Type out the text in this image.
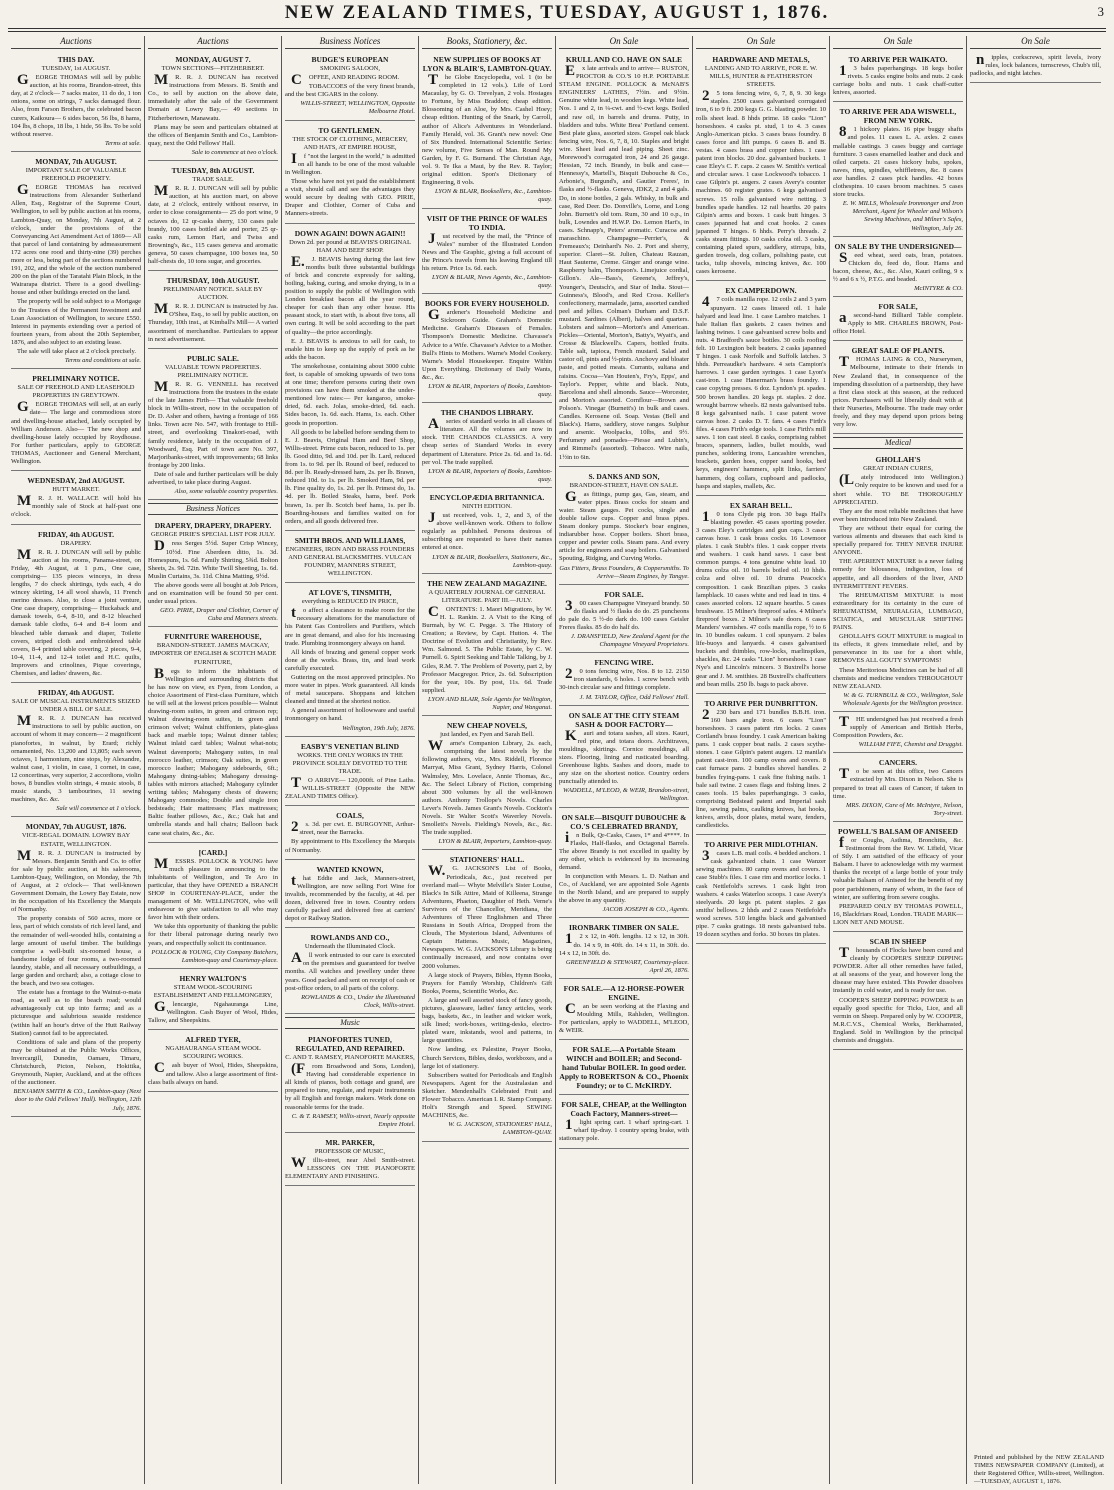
NEW ZEALAND TIMES, TUESDAY, AUGUST 1, 1876.	3
Auctions
THIS DAY.
TUESDAY, 1st AUGUST.

GEORGE THOMAS will sell by public auction, at his rooms, Brandon-street, this day, at 2 o'clock— 7 sacks maize, 11 do do, 1 ton onions, some on strings, 7 sacks damaged flour. Also, from Farson Brothers, the celebrated bacon curers, Kaikoura— 6 sides bacon, 56 lbs, 8 hams, 104 lbs, 8 chops, 18 lbs, 1 hide, 56 lbs. To be sold without reserve.

Terms at sale.
MONDAY, 7th AUGUST.
IMPORTANT SALE OF VALUABLE FREEHOLD PROPERTY.

GEORGE THOMAS has received instructions from Alexander Sutherland Allen, Esq., Registrar of the Supreme Court, Wellington, to sell by public auction at his rooms, Lambton-Quay, on Monday, 7th August, at 2 o'clock, under the provisions of the Conveyancing Act Amendment Act of 1869— All that parcel of land containing by admeasurement 172 acres one rood and thirty-nine (39) perches more or less, being part of the sections numbered 191, 202, and the whole of the section numbered 200 on the plan of the Taratahi Plain Block, in the Wairarapa district. There is a good dwelling-house and other buildings erected on the land.

The property will be sold subject to a Mortgage to the Trustees of the Permanent Investment and Loan Association of Wellington, to secure £550. Interest in payments extending over a period of fourteen years, from about the 20th September, 1876, and also subject to an existing lease.

The sale will take place at 2 o'clock precisely.

Terms and conditions at sale.
PRELIMINARY NOTICE.
SALE OF FREEHOLD AND LEASEHOLD PROPERTIES IN GREYTOWN.

GEORGE THOMAS will sell, at an early date— The large and commodious store and dwelling-house attached, lately occupied by William Anderson. Also— The new shop and dwelling-house lately occupied by Roydhouse. For further particulars, apply to GEORGE THOMAS, Auctioneer and General Merchant, Wellington.

WEDNESDAY, 2nd AUGUST.
HUTT MARKET.

MR. J. H. WALLACE will hold his monthly sale of Stock at half-past one o'clock.

FRIDAY, 4th AUGUST.
DRAPERY.

MR. R. J. DUNCAN will sell by public auction at his rooms, Panama-street, on Friday, 4th August, at 1 p.m., One case, comprising— 135 pieces winceys, in dress lengths, 7 do check shirtings, tyds each, 4 do wincey skirting, 14 all wool shawls, 11 French merino dresses. Also, to close a joint venture, One case drapery, comprising— Huckaback and damask towels, 6-4, 8-10, and 8-12 bleached damask table cloths, 6-4 and 8-4 loom and bleached table damask and diaper, Toilette covers, striped cloth and embroidered table covers, 8-4 printed table covering, 2 pieces, 9-4, 10-4, 11-4, and 12-4 toilet and H.C. quilts, Improvers and crinolines, Pique coverings, Chemises, and ladies' drawers, &c.

FRIDAY, 4th AUGUST.
SALE OF MUSICAL INSTRUMENTS SEIZED UNDER A BILL OF SALE.

MR. R. J. DUNCAN has received instructions to sell by public auction, on account of whom it may concern— 2 magnificent pianofortes, in walnut, by Erard; richly ornamented, No. 13,200 and 13,805; each seven octaves, 1 harmonium, nine stops, by Alexandre, walnut case, 1 violin, in case, 1 cornet, in case, 12 concertinas, very superior, 2 accordions, violin bows, 8 bundles violin strings, 4 music stools, 8 music stands, 3 tambourines, 11 sewing machines, &c. &c.

Sale will commence at 1 o'clock.
MONDAY, 7th AUGUST, 1876.
VICE-REGAL DOMAIN. LOWRY BAY ESTATE, WELLINGTON.

MR. R. J. DUNCAN is instructed by Messrs. Benjamin Smith and Co. to offer for sale by public auction, at his salerooms, Lambton-Quay, Wellington, on Monday, the 7th of August, at 2 o'clock— That well-known Government Domain, the Lowry Bay Estate, now in the occupation of his Excellency the Marquis of Normanby.

The property consists of 560 acres, more or less, part of which consists of rich level land, and the remainder of well-wooded hills, containing a large amount of useful timber. The buildings comprise a well-built six-roomed house, a handsome lodge of four rooms, a two-roomed laundry, stable, and all necessary outbuildings, a large garden and orchard; also, a cottage close to the beach, and two sea cottages.

The estate has a frontage to the Wainui-o-mata road, as well as to the beach road; would advantageously cut up into farms; and as a picturesque and salubrious seaside residence (within half an hour's drive of the Hutt Railway Station) cannot fail to be appreciated.

Conditions of sale and plans of the property may be obtained at the Public Works Offices, Invercargill, Dunedin, Oamaru, Timaru, Christchurch, Picton, Nelson, Hokitika, Greymouth, Napier, Auckland, and at the offices of the auctioneer.

BENJAMIN SMITH & CO., Lambton-quay (Next door to the Odd Fellows' Hall). Wellington, 12th July, 1876.
Auctions
MONDAY, AUGUST 7.
TOWN SECTIONS—FITZHERBERT.

MR. R. J. DUNCAN has received instructions from Messrs. B. Smith and Co., to sell by auction on the above date, immediately after the sale of the Government Domain at Lowry Bay,— 49 sections in Fitzherbertown, Manawatu.

Plans may be seen and particulars obtained at the offices of Benjamin Smith and Co., Lambton-quay, next the Odd Fellows' Hall.

Sale to commence at two o'clock.
TUESDAY, 8th AUGUST.
TRADE SALE.

MR. R. J. DUNCAN will sell by public auction, at his auction mart, on above date, at 2 o'clock, entirely without reserve, in order to close consignments— 25 do port wine, 9 octaves do, 12 qr-casks sherry, 130 cases pale brandy, 100 cases bottled ale and porter, 25 qr-casks rum, Lemon Hart, and Twiss and Browning's, &c., 115 cases geneva and aromatic geneva, 50 cases champagne, 100 boxes tea, 50 half-chests do, 10 tons sugar, and groceries.

THURSDAY, 10th AUGUST.
PRELIMINARY NOTICE. SALE BY AUCTION.

MR. R. J. DUNCAN is instructed by Jas. O'Shea, Esq., to sell by public auction, on Thursday, 10th inst., at Kimball's Mill— A varied assortment of merchandise. Particulars to appear in next advertisement.

PUBLIC SALE.
VALUABLE TOWN PROPERTIES. PRELIMINARY NOTICE.

MR. R. G. VENNELL has received instructions from the trustees in the estate of the late James Firth— That valuable freehold block in Willis-street, now in the occupation of Dr. D. Asher and others, having a frontage of 166 links. Town acre No. 547, with frontage to Hill-street, and overlooking Tinakori-road, with family residence, lately in the occupation of J. Woodward, Esq. Part of town acre No. 397, Marjoribanks-street, with improvements; 68 links frontage by 200 links.

Date of sale and further particulars will be duly advertised, to take place during August.

Also, some valuable country properties.
Business Notices
DRAPERY, DRAPERY, DRAPERY.
GEORGE PIRIE'S SPECIAL LIST FOR JULY.

Dress Serges 5½d. Super Crisp Wincey, 10½d. Fine Aberdeen ditto, 1s. 3d. Homespuns, 1s. 6d. Family Shirting, 5¾d. Bolton Sheets, 2s. 9d. 72in. White Twill Sheeting, 1s. 6d. Muslin Curtains, 3s. 11d. China Matting, 9½d.

The above goods were all bought at Job Prices, and on examination will be found 50 per cent. under usual prices.

GEO. PIRIE, Draper and Clothier, Corner of Cuba and Manners streets.
FURNITURE WAREHOUSE,
BRANDON-STREET. JAMES MACKAY, IMPORTER OF ENGLISH & SCOTCH MADE FURNITURE,

Begs to inform the inhabitants of Wellington and surrounding districts that he has now on view, ex Fyen, from London, a choice Assortment of First-class Furniture, which he will sell at the lowest prices possible— Walnut drawing-room suites, in green and crimson rep; Walnut drawing-room suites, in green and crimson velvet; Walnut chiffoniers, plate-glass back and marble tops; Walnut dinner tables; Walnut inlaid card tables; Walnut what-nots; Walnut davenports; Mahogany suites, in real morocco leather, crimson; Oak suites, in green morocco leather; Mahogany sideboards, 6ft.; Mahogany dining-tables; Mahogany dressing-tables with mirrors attached; Mahogany cylinder writing tables; Mahogany chests of drawers; Mahogany commodes; Double and single iron bedsteads; Hair mattresses; Flax mattresses; Baltic feather pillows, &c., &c.; Oak hat and umbrella stands and hall chairs; Balloon back cane seat chairs, &c., &c.

[CARD.]

MESSRS. POLLOCK & YOUNG have much pleasure in announcing to the inhabitants of Wellington, and Te Aro in particular, that they have OPENED a BRANCH SHOP in COURTENAY-PLACE, under the management of Mr. WELLINGTON, who will endeavour to give satisfaction to all who may favor him with their orders.

We take this opportunity of thanking the public for their liberal patronage during nearly two years, and respectfully solicit its continuance.

POLLOCK & YOUNG, City Company Butchers, Lambton-quay and Courtenay-place.
HENRY WALTON'S
STEAM WOOL-SCOURING ESTABLISHMENT AND FELLMONGERY,

Glencargie, Ngahauranga Line, Wellington. Cash Buyer of Wool, Hides, Tallow, and Sheepskins.

ALFRED TYER,
NGAHAURANGA STEAM WOOL SCOURING WORKS.

Cash buyer of Wool, Hides, Sheepskins, and tallow. Also a large assortment of first-class bails always on hand.

Business Notices
BUDGE'S EUROPEAN
SMOKING SALOON,

COFFEE, AND READING ROOM.

TOBACCOES of the very finest brands, and the best CIGARS in the colony.

WILLIS-STREET, WELLINGTON, Opposite Melbourne Hotel.
TO GENTLEMEN.
THE STOCK OF CLOTHING, MERCERY, AND HATS, AT EMPIRE HOUSE,

If "not the largest in the world," is admitted on all hands to be one of the most valuable in Wellington.

Those who have not yet paid the establishment a visit, should call and see the advantages they would secure by dealing with GEO. PIRIE, Draper and Clothier, Corner of Cuba and Manners-streets.

DOWN AGAIN! DOWN AGAIN!!
Down 2d. per pound at BEAVIS'S ORIGINAL HAM AND BEEF SHOP.

E.J. BEAVIS having during the last few months built three substantial buildings of brick and concrete expressly for salting, boiling, baking, curing, and smoke drying, is in a position to supply the public of Wellington with London breakfast bacon all the year round, cheaper for cash than any other house. His peasant stock, to start with, is about five tons, all own curing. It will be sold according to the part of quality—the price accordingly.

E. J. BEAVIS is anxious to sell for cash, to enable him to keep up the supply of pork as he adds the bacon.

The smokehouse, containing about 3000 cubic feet, is capable of smoking upwards of two tons at one time; therefore persons curing their own provisions can have them smoked at the under-mentioned low rates:— Per kangaroo, smoke-dried, 6d. each. Jolas, smoke-dried, 6d. each. Sides bacon, 1s. 6d. each. Hams, 1s. each. Other goods in proportion.

All goods to be labelled before sending them to E. J. Beavis, Original Ham and Beef Shop, Willis-street. Prime cuts bacon, reduced to 1s. per lb. Good ditto, 9d. and 10d. per lb. Lard, reduced from 1s. to 9d. per lb. Round of beef, reduced to 8d. per lb. Ready-dressed ham, 2s. per lb. Brawn, reduced 10d. to 1s. per lb. Smoked Ham, 9d. per lb. Fine quality do, 1s. 2d. per lb. Primest do, 1s. 4d. per lb. Boiled Steaks, hams, beef. Pork brawn, 1s. per lb. Scotch beef hams, 1s. per lb. Boarding-houses and families waited on for orders, and all goods delivered free.

SMITH BROS. AND WILLIAMS,
ENGINEERS, IRON AND BRASS FOUNDERS AND GENERAL BLACKSMITHS. VULCAN FOUNDRY, MANNERS STREET, WELLINGTON.
AT LOVE'S, TINSMITH,
everything is REDUCED IN PRICE,

to affect a clearance to make room for the necessary alterations for the manufacture of his Patent Gas Controllers and Purifiers, which are in great demand, and also for his increasing trade. Plumbing ironmongery always on hand.

All kinds of brazing and general copper work done at the works. Brass, tin, and lead work carefully executed.

Guttering on the most approved principles. No more water in pipes. Work guaranteed. All kinds of metal saucepans. Shoppans and kitchen cleaned and tinned at the shortest notice.

A general assortment of hollowware and useful ironmongery on hand.

Wellington, 19th July, 1876.
EASBY'S VENETIAN BLIND
WORKS. THE ONLY WORKS IN THE PROVINCE SOLELY DEVOTED TO THE TRADE.

TO ARRIVE— 120,000ft. of Pine Laths. WILLIS-STREET (Opposite the NEW ZEALAND TIMES Office).

COALS,

2s. 3d. per cwt. E. BURGOYNE, Arthur-street, near the Barracks.

By appointment to His Excellency the Marquis of Normanby.

WANTED KNOWN,

that Eddie and Jack, Manners-street, Wellington, are now selling Fort Wine for invalids, recommended by the faculty, at 4d. per dozen, delivered free in town. Country orders carefully packed and delivered free at carriers' depot or Railway Station.

ROWLANDS AND CO.,
Underneath the Illuminated Clock.

All work entrusted to our care is executed on the premises and guaranteed for twelve months. All watches and jewellery under three years. Good packed and sent on receipt of cash or post-office orders, to all parts of the colony.

ROWLANDS & CO., Under the Illuminated Clock, Willis-street.
Music
PIANOFORTES TUNED, REGULATED, AND REPAIRED.
C. AND T. RAMSEY, PIANOFORTE MAKERS,

(From Broadwood and Sons, London), Having had considerable experience in all kinds of pianos, both cottage and grand, are prepared to tune, regulate, and repair instruments by all English and foreign makers. Work done on reasonable terms for the trade.

C. & T. RAMSEY, Willis-street, Nearly opposite Empire Hotel.
MR. PARKER,
PROFESSOR OF MUSIC,

Willis-street, near Abel Smith-street. LESSONS ON THE PIANOFORTE ELEMENTARY AND FINISHING.

Books, Stationery, &c.
NEW SUPPLIES OF BOOKS AT LYON & BLAIR'S, LAMBTON-QUAY.

The Globe Encyclopedia, vol. 1 (to be completed in 12 vols.). Life of Lord Macaulay, by G. O. Trevelyan, 2 vols. Hostages to Fortune, by Miss Braddon; cheap edition. Blossoming of an Aloe, by Mrs. Cashel Hoey; cheap edition. Hunting of the Snark, by Carroll, author of Alice's Adventures in Wonderland. Family Herald, vol. 36. Grant's new novel: One of Six Hundred. International Scientific Series: new volume, Five Senses of Man. Round My Garden, by F. G. Burnand. The Christian Age, vol. 9. Te Ika a Maui, by the Rev. R. Taylor; original edition. Spon's Dictionary of Engineering, 8 vols.

LYON & BLAIR, Booksellers, &c., Lambton-quay.
VISIT OF THE PRINCE OF WALES TO INDIA.

Just received by the mail, the "Prince of Wales" number of the Illustrated London News and The Graphic, giving a full account of the Prince's travels from his leaving England till his return. Price 1s. 6d. each.

LYON & BLAIR, News Agents, &c., Lambton-quay.
BOOKS FOR EVERY HOUSEHOLD.

Gardener's Household Medicine and Sickroom Guide. Graham's Domestic Medicine. Graham's Diseases of Females. Thompson's Domestic Medicine. Chavasse's Advice to a Wife. Chavasse's Advice to a Mother. Bull's Hints to Mothers. Warne's Model Cookery. Warne's Model Housekeeper. Enquire Within Upon Everything. Dictionary of Daily Wants, &c., &c.

LYON & BLAIR, Importers of Books, Lambton-quay.
THE CHANDOS LIBRARY.

Aseries of standard works in all classes of literature. All the volumes are now in stock. THE CHANDOS CLASSICS. A very cheap series of Standard Works in every department of Literature. Price 2s. 6d. and 1s. 6d. per vol. The trade supplied.

LYON & BLAIR, Importers of Books, Lambton-quay.
ENCYCLOPÆDIA BRITANNICA.
NINTH EDITION.

Just received, vols. 1, 2, and 3, of the above well-known work. Others to follow regularly as published. Persons desirous of subscribing are requested to have their names entered at once.

LYON & BLAIR, Booksellers, Stationers, &c., Lambton-quay.
THE NEW ZEALAND MAGAZINE.
A QUARTERLY JOURNAL OF GENERAL LITERATURE. PART III.—JULY.

CONTENTS: 1. Maori Migrations, by W. H. L. Rankin. 2. A Visit to the King of Burmah, by W. C. Pegge. 3. The History of Creation; a Review, by Capt. Hutton. 4. The Doctrine of Evolution and Christianity, by Rev. Wm. Salmond. 5. The Public Estate, by C. W. Purnell. 6. Spirit Seeking and Table Talking, by J. Giles, R.M. 7. The Problem of Poverty, part 2, by Professor Macgregor. Price, 2s. 6d. Subscription for the year, 10s. By post, 11s. 6d. Trade supplied.

LYON AND BLAIR, Sole Agents for Wellington, Napier, and Wanganui.
NEW CHEAP NOVELS,
just landed, ex Fyen and Sarah Bell.

Warne's Companion Library, 2s. each, comprising the latest novels by the following authors, viz., Mrs. Riddell, Florence Marryat, Miss Grant, Sydney Harris, Colonel Walmsley, Mrs. Lovelace, Annie Thomas, &c., &c. The Select Library of Fiction, comprising about 300 volumes by all the well-known authors. Anthony Trollope's Novels. Charles Lever's Novels. James Grant's Novels. Cockton's Novels. Sir Walter Scott's Waverley Novels. Smollett's Novels. Fielding's Novels, &c., &c. The trade supplied.

LYON & BLAIR, Importers, Lambton-quay.
STATIONERS' HALL.

W.G. JACKSON'S List of Books, Periodicals, &c., just received per overland mail— Whyte Melville's Sister Louise, Black's In Silk Attire, Maid of Killeena, Strange Adventures, Phaeton, Daughter of Heth. Verne's Survivors of the Chancellor, Meridiana, the Adventures of Three Englishmen and Three Russians in South Africa, Dropped from the Clouds, The Mysterious Island, Adventures of Captain Hatteras. Music, Magazines, Newspapers. W. G. JACKSON'S Library is being continually increased, and now contains over 2000 volumes.

A large stock of Prayers, Bibles, Hymn Books, Prayers for Family Worship, Children's Gift Books, Poems, Scientific Works, &c.

A large and well assorted stock of fancy goods, pictures, glassware, ladies' fancy articles, work bags, baskets, &c., in leather and wicker work, silk lined; work-boxes, writing-desks, electro-plated ware, inkstands, wool and patterns, in large quantities.

Now landing, ex Palestine, Prayer Books, Church Services, Bibles, desks, workboxes, and a large lot of stationery.

Subscribers waited for Periodicals and English Newspapers. Agent for the Australasian and Sketcher. Mendenhall's Celebrated Fruit and Flower Tobacco. American I. R. Stamp Company. Holt's Strength and Speed. SEWING MACHINES, &c.

W. G. JACKSON, STATIONERS' HALL, LAMBTON-QUAY.
On Sale
KRULL AND CO. HAVE ON SALE

Ex late arrivals and to arrive— RUSTON, PROCTOR & CO.'S 10 H.P. PORTABLE STEAM ENGINE. POLLOCK & McNAB'S ENGINEERS' LATHES, 7½in. and 9½in. Genuine white lead, in wooden kegs. White lead, Nos. 1 and 2, in ¼-cwt. and ½-cwt kegs. Boiled and raw oil, in barrels and drums. Putty, in bladders and tubs. White Brea' Portland cement. Best plate glass, assorted sizes. Gospel oak black fencing wire, Nos. 6, 7, 8, 10. Staples and bright wire. Sheet lead and lead piping. Sheet zinc. Morewood's corrugated iron, 24 and 26 gauge. Hessian, 72 inch. Brandy, in bulk and case—Hennessy's, Martell's, Bisquit Dubouche & Co., Arbonie's, Burgund's, and Gautier Freres', in flasks and ½-flasks. Geneva, JDKZ, 2 and 4 gals. Do, in stone bottles, 2 gals. Whisky, in bulk and case, Red Deer. Do. Donville's, Lorne, and Long John. Burnett's old tom. Rum, 30 and 10 o.p., in bulk, Lowndes and H.W.P. Do. Lemon Hart's, in cases. Schnapp's, Peters' aromatic. Curacoa and maraschino. Champagne—Perrier's, & Fremeaux's; Deinhard's No. 2. Port and sherry, superior. Claret—St. Julien, Chateau Rauzan, Haut Sauterne, Creme. Ginger and orange wine. Raspberry balm, Thompson's. Limejuice cordial, Gillon's. Ale—Bass's, Greene's, Jeffrey's, Younger's, Deutsch's, and Star of India. Stout—Guinness's, Blood's, and Red Cross. Kelller's confectionery, marmalade, jams, assorted candied peel and jellies. Colman's Durham and D.S.F. mustard. Sardines (Albert), halves and quarters. Lobsters and salmon—Morton's and American. Pickles—Oriental, Morton's, Batty's, Wyatt's, and Crosse & Blackwell's. Capers, bottled fruits. Table salt, tapioca, French mustard. Salad and castor oil, pints and ½-pints. Anchovy and bloater paste, and potted meats. Currants, sultana and raisins. Cocoa—Van Houten's, Fry's, Epps', and Taylor's. Pepper, white and black. Nuts, Barcelona and shell almonds. Sauce—Worcester, and Morton's assorted. Cornflour—Brown and Polson's. Vinegar (Burnett's) in bulk and cases. Candles. Kerosene oil. Soap. Vestas (Bell and Black's). Hams, saddlery, stove ranges. Sulphur and arsenic. Woolpacks, 10lbs, and 9½. Perfumery and pomades—Piesse and Lubin's, and Rimmel's (assorted). Tobacco. Wire nails, 1½in to 6in.

S. DANKS AND SON,
BRANDON-STREET, HAVE ON SALE.

Gas fittings, pump gas, Gas, steam, and water pipes. Brass cocks for steam and water. Steam gauges. Pet cocks, single and double tallow cups. Copper and brass pipes. Steam donkey pumps. Stocker's boar engines, indiarubber hose. Copper boilers. Short brass, copper and pewter coils. Steam pans. And every article for engineers and soap boilers. Galvanised Spouting, Ridging, and Curving Works.

Gas Fitters, Brass Founders, & Coppersmiths. To Arrive—Steam Engines, by Tangye.
FOR SALE.

300 cases Champagne Vineyard brandy. 50 do flasks and ½ flasks do do. 25 puncheons do pale do. 5 ½-do dark do. 100 cases Geisler Freres flasks. 85 do do half do.

J. DRANSFIELD, New Zealand Agent for the Champagne Vineyard Proprietors.
FENCING WIRE.

20 tons fencing wire, Nos. 8 to 12. 2150 iron standards, 6 holes. 1 screw bench with 30-inch circular saw and fittings complete.

J. M. TAYLOR, Office, Odd Fellows' Hall.
ON SALE AT THE CITY STEAM SASH & DOOR FACTORY—

Kauri and totara sashes, all sizes. Kauri, red pine, and totara doors. Architraves, mouldings, skirtings. Cornice mouldings, all sizes. Flooring, lining and rusticated boarding. Greenhouse lights. Sashes and doors, made to any size on the shortest notice. Country orders punctually attended to.

WADDELL, M'LEOD, & WEIR, Brandon-street, Wellington.
ON SALE—BISQUIT DUBOUCHE & CO.'S CELEBRATED BRANDY,

in Bulk, Qr-Casks, Cases, 1* and 4****. In Flasks, Half-flasks, and Octagonal Barrels. The above Brandy is not excelled in quality by any other, which is evidenced by its increasing demand.

In conjunction with Messrs. L. D. Nathan and Co., of Auckland, we are appointed Sole Agents in the North Island, and are prepared to supply the above in any quantity.

JACOB JOSEPH & CO., Agents.
IRONBARK TIMBER ON SALE.

12 x 12, in 40ft. lengths. 12 x 12, in 30ft. do. 14 x 9, in 40ft. do. 14 x 11, in 30ft. do. 14 x 12, in 30ft. do.

GREENFIELD & STEWART, Courtenay-place. April 26, 1876.
FOR SALE.—A 12-HORSE-POWER ENGINE.

Can be seen working at the Flaxing and Moulding Mills, Rahlsden, Wellington. For particulars, apply to WADDELL, M'LEOD, & WEIR.

FOR SALE.—A Portable Steam WINCH and BOILER; and Second-hand Tubular BOILER. In good order. Apply to ROBERTSON & CO., Phoenix Foundry; or to C. McKIRDY.
FOR SALE, CHEAP, at the Wellington Coach Factory, Manners-street—

1light spring cart. 1 wharf spring-cart. 1 wharf tip-dray. 1 country spring brake, with stationary pole.

On Sale
HARDWARE AND METALS,
LANDING AND TO ARRIVE, FOR E. W. MILLS, HUNTER & FEATHERSTON STREETS.

25 tons fencing wire, 6, 7, 8, 9. 30 kegs staples. 2500 cases galvanised corrugated iron, 6 to 9 ft. 200 kegs G. G. blasting powder. 10 rolls sheet lead. 8 hhds prime. 18 casks "Lion" horseshoes. 4 casks pt. stud, 1 to 4. 3 cases Anglo-American picks. 3 cases brass foundry. 8 cases force and lift pumps. 6 cases B. and B. vestas. 4 cases brass and copper tubes. 1 case patent iron blocks. 20 doz. galvanised buckets. 1 case Eley's C. F. caps. 2 cases W. Smith's vertical and circular saws. 1 case Lockwood's tobacco. 1 case Gilpin's pt. augers. 2 cases Avery's counter machines. 60 register grates. 6 kegs galvanised screws. 15 rolls galvanised wire netting. 3 bundles spade handles. 12 rail hearths. 20 pairs Gilpin's arms and boxes. 1 cask butt hinges. 3 cases japanned hat and coat hooks. 2 cases japanned T hinges. 6 hhds. Perry's threads. 2 casks steam fittings. 10 casks colza oil. 3 casks, containing plated spurs, saddlery, stirrups, bits, garden trowels, dog collars, polishing paste, cut tacks, tulip shovels, mincing knives, &c. 100 cases kerosene.

EX CAMPERDOWN.

47 coils manilla rope. 12 coils 2 and 3 yarn spunyarn. 12 cases linseed oil. 1 hale halyard and lead line. 1 case Lambro matches. 1 hale Italian flax gaskets. 2 cases twines and lashing twines. 1 case galvanised screw bolts and nuts. 4 Bradford's sauce bottles. 30 coils roofing felt. 10 Lexington belt beaters. 2 casks japanned T hinges. 1 cask Norfolk and Suffolk latches. 3 hhds. Perreaudke's hardware. 4 sets Campion's harrows. 1 case garden syringes. 1 case Lyon's cast-iron. 1 case Hanerman's brass foundry. 1 case copying presses. 6 doz. Lyndon's pt. spades. 500 brown handles. 20 kegs pt. staples. 2 doz. wrought barrow wheels. 82 nests galvanised tubs. 8 kegs galvanised nails. 1 case patent wove canvas hose. 2 casks D. T. fans. 4 cases Firth's files. 4 cases Firth's edge tools. 1 case Firth's mill saws. 1 ton cast steel. 8 casks, comprising rabbet braces, spanners, ladles, bullet moulds, wad punches, soldering irons, Lancashire wrenches, brackets, garden hoes, copper sand hooks, bed keys, engineers' hammers, split links, farriers' hammers, dog collars, cupboard and padlocks, hasps and staples, mallets, &c.

EX SARAH BELL.

10 tons Clyde pig iron. 30 bags Hall's blasting powder. 45 cases sporting powder. 3 cases Eley's cartridges and gun caps. 3 cases canvas hose. 1 cask brass cocks. 16 Lowmoor plates. 1 cask Stubb's files. 1 cask copper rivets and washers. 1 cask hand saws. 1 case best common pumps. 4 tons genuine white lead. 10 drums colza oil. 10 barrels boiled oil. 10 hhds. colza and olive oil. 10 drums Peacock's composition. 1 cask Brazilian pipes. 3 casks lampblack. 10 cases white and red lead in tins. 4 cases assorted colors. 12 square hearths. 5 cases brushware. 15 Milner's fireproof safes. 4 Milner's fireproof boxes. 2 Milner's safe doors. 6 cases Manders' varnishes. 47 coils manilla rope, ½ to 6 in. 10 bundles oakum. 1 coil spunyarn. 2 bales life-buoys and lanyards. 4 cases galvanised buckets and thimbles, row-locks, marlinspikes, shackles, &c. 24 casks "Lion" horseshoes. 1 case Nye's and Lincoln's mincers. 3 Buxtrell's horse gear and J. M. smithies. 28 Buxtrell's chaffcutters and bean mills. 250 lb. bags to pack above.

TO ARRIVE PER DUNBRITTON.

2230 bars and 171 bundles B.B.H. iron. 160 bars angle iron. 6 cases "Lion" horseshoes. 3 cases patent rim locks. 2 cases Cortland's brass foundry. 1 cask American baking pans. 1 cask copper boat nails. 2 cases scythe-stones. 1 case Gilpin's patent augers. 12 manila's patent cast-iron. 100 camp ovens and covers. 8 cast furnace pans. 2 bundles shovel handles. 2 bundles frying-pans. 1 cask fine fishing nails. 1 bale sail twine. 2 cases flags and fishing lines. 2 cases tools. 15 bales paperhangings. 3 casks, comprising Bedstead patent and Imperial sash line, sewing palms, caulking knives, hat hooks, knives, anvils, door plates, metal ware, fenders, candlesticks.

TO ARRIVE PER MIDLOTHIAN.

3cases L.B. mail coils. 4 bedded anchors. 1 cask galvanized chain. 1 case Wanzer sewing machines. 80 camp ovens and covers. 1 case Stubb's files. 1 case rim and mortice locks. 1 cask Nettlefold's screws. 1 cask light iron washers. 4 casks Waterloo scoops. 1 case Avery's steelyards. 20 kegs pt. patent staples. 2 gas smiths' bellows. 2 hhds and 2 cases Nettlefold's wood screws. 510 lengths black and galvanised pipe. 7 casks gratings. 18 nests galvanised tubs. 19 dozen scythes and forks. 30 boxes tin plates.

On Sale
TO ARRIVE PER WAIKATO.

13 bales paperhangings. 18 kegs boiler rivets. 5 casks engine bolts and nuts. 2 cask carriage bolts and nuts. 1 cask chaff-cutter knives, assorted.

TO ARRIVE PER ADA WISWELL, FROM NEW YORK.

81 hickory plates. 16 pipe buggy shafts and poles. 11 cases L. A. axles. 2 cases mallable castings. 3 cases buggy and carriage furniture. 3 cases enamelled leather and duck and oiled carpets. 21 cases hickory hubs, spokes, naves, rims, spindles, whiffletrees, &c. 8 cases axe handles. 2 cases pick handles. 42 boxes clothespins. 10 cases broom machines. 5 cases store trucks.

E. W. MILLS, Wholesale Ironmonger and Iron Merchant, Agent for Wheeler and Wilson's Sewing Machines, and Milner's Safes, Wellington, July 26.
ON SALE BY THE UNDERSIGNED—

Seed wheat, seed oats, bran, potatoes. Chicken do, feed do, flour. Hams and bacon, cheese, &c., &c. Also, Kauri ceiling, 9 x ½ and 6 x ½, P.T.G. and beaded.

McINTYRE & CO.
FOR SALE,

asecond-hand Billiard Table complete. Apply to MR. CHARLES BROWN, Post-office Hotel.

GREAT SALE OF PLANTS.

THOMAS LAING & CO., Nurserymen, Melbourne, intimate to their friends in New Zealand that, in consequence of the impending dissolution of a partnership, they have a first class stock at this season, at the reduced prices. Purchasers will be liberally dealt with at their Nurseries, Melbourne. The trade may order freely, and they may depend upon prices being very low.

Medical
GHOLLAH'S
GREAT INDIAN CURES,

(Lately introduced into Wellington.) Only require to be known and used for a short while. TO BE THOROUGHLY APPRECIATED.

They are the most reliable medicines that have ever been introduced into New Zealand.

They are without their equal for curing the various ailments and diseases that each kind is specially prepared for. THEY NEVER INJURE ANYONE.

THE APERIENT MIXTURE is a never failing remedy for bilousness, indigestion, loss of appetite, and all disorders of the liver, AND INTERMITTENT FEVERS.

The RHEUMATISM MIXTURE is most extraordinary for its certainty in the cure of RHEUMATISM, NEURALGIA, LUMBAGO, SCIATICA, and MUSCULAR SHIFTING PAINS.

GHOLLAH'S GOUT MIXTURE is magical in its effects, it gives immediate relief, and by perseverance in its use for a short while, REMOVES ALL GOUTY SYMPTOMS!

These Meritorious Medicines can be had of all chemists and medicine vendors THROUGHOUT NEW ZEALAND.

W. & G. TURNBULL & CO., Wellington, Sole Wholesale Agents for the Wellington province.

THE undersigned has just received a fresh supply of American and British Herbs, Composition Powders, &c.

WILLIAM FIFE, Chemist and Druggist.
CANCERS.

To be seen at this office, two Cancers extracted by Mrs. Dixon in Nelson. She is prepared to treat all cases of Cancer, if taken in time.

MRS. DIXON, Care of Mr. McIntyre, Nelson, Tory-street.
POWELL'S BALSAM OF ANISEED

for Coughs, Asthma, Bronchitis, &c. Testimonial from the Rev. W. Lifield, Vicar of Stly. I am satisfied of the efficacy of your Balsam. I have to acknowledge with my warmest thanks the receipt of a large bottle of your truly valuable Balsam of Aniseed for the benefit of my poor parishioners, many of whom, in the face of winter, are suffering from severe coughs.

PREPARED ONLY BY THOMAS POWELL, 16, Blackfriars Road, London. TRADE MARK—LION NET AND MOUSE.

SCAB IN SHEEP

Thousands of Flocks have been cured and cleanly by COOPER'S SHEEP DIPPING POWDER. After all other remedies have failed, at all seasons of the year, and however long the disease may have existed. This Powder dissolves instantly in cold water, and is ready for use.

COOPER'S SHEEP DIPPING POWDER is an equally good specific for Ticks, Lice, and all vermin on Sheep. Prepared only by W. COOPER, M.R.C.V.S., Chemical Works, Berkhamsted, England. Sold in Wellington by the principal chemists and druggists.

On Sale

nipples, corkscrews, spirit levels, ivory rules, lock balances, turnscrews, Chub's till, padlocks, and night latches.

Printed and published by the NEW ZEALAND TIMES NEWSPAPER COMPANY (Limited), at their Registered Office, Willis-street, Wellington.—TUESDAY, AUGUST 1, 1876.
